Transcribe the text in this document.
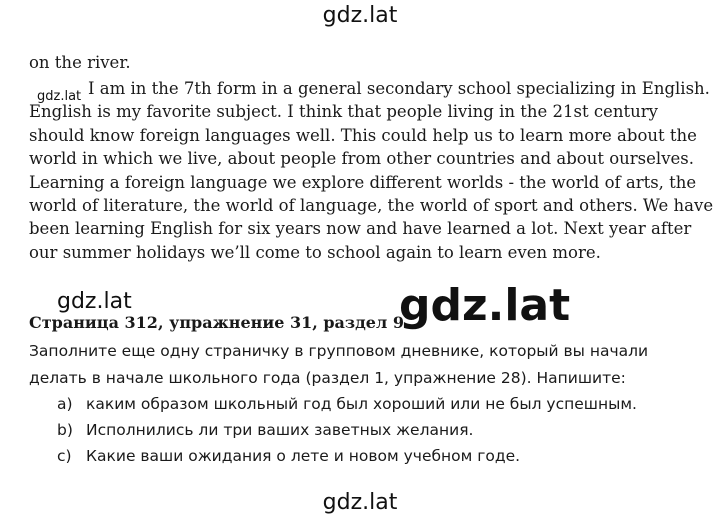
gdz.lat
on the river.
I am in the 7th form in a general secondary school specializing in English.
English is my favorite subject. I think that people living in the 21st century
should know foreign languages well. This could help us to learn more about the
world in which we live, about people from other countries and about ourselves.
Learning a foreign language we explore different worlds - the world of arts, the
world of literature, the world of language, the world of sport and others. We have
been learning English for six years now and have learned a lot. Next year after
our summer holidays we’ll come to school again to learn even more.
gdz.lat
gdz.lat
Страница 312, упражнение 31, раздел 9.
gdz.lat
Заполните еще одну страничку в групповом дневнике, который вы начали
делать в начале школьного года (раздел 1, упражнение 28). Напишите:
a) каким образом школьный год был хороший или не был успешным.
b) Исполнились ли три ваших заветных желания.
c) Какие ваши ожидания о лете и новом учебном годе.
gdz.lat
